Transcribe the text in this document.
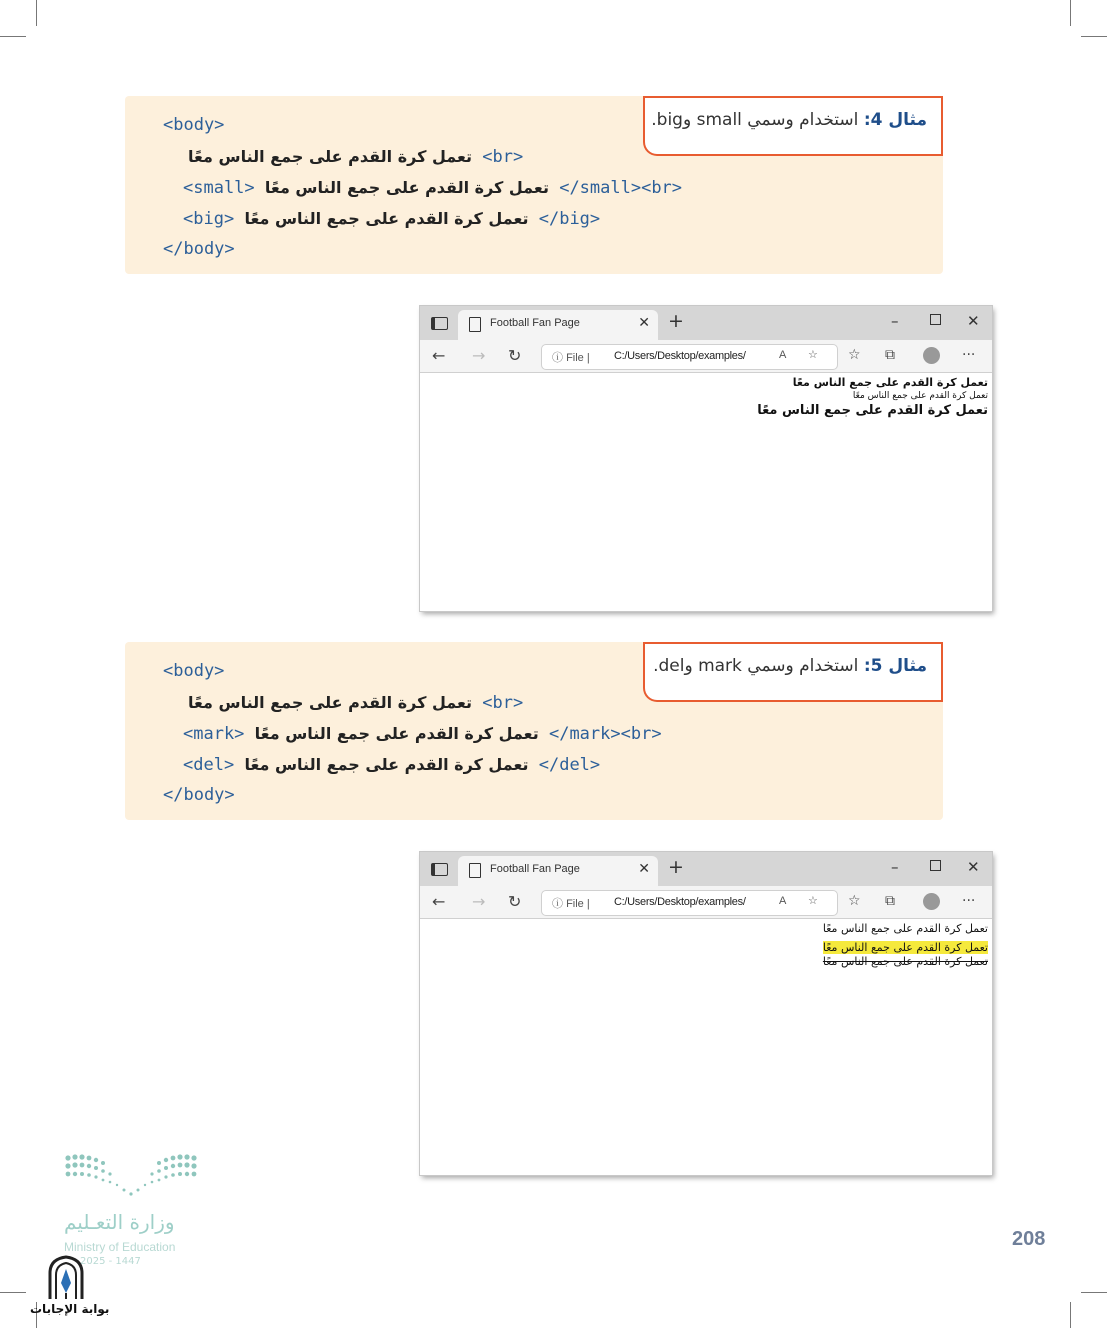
<body>
تعمل كرة القدم على جمع الناس معًا <br>
<small> تعمل كرة القدم على جمع الناس معًا </small><br>
<big> تعمل كرة القدم على جمع الناس معًا </big>
</body>
مثال 4: استخدام وسمي small وbig.
Football Fan Page	✕ +	–	✕
← → ↻	ⓘ File | C:/Users/Desktop/examples/	A ☆ ☆ ⧉	···
تعمل كرة القدم على جمع الناس معًا
تعمل كرة القدم على جمع الناس معًا
تعمل كرة القدم على جمع الناس معًا
<body>
تعمل كرة القدم على جمع الناس معًا <br>
<mark> تعمل كرة القدم على جمع الناس معًا </mark><br>
<del> تعمل كرة القدم على جمع الناس معًا </del>
</body>
مثال 5: استخدام وسمي mark وdel.
Football Fan Page	✕ +	–	✕
← → ↻	ⓘ File | C:/Users/Desktop/examples/	A ☆ ☆ ⧉	···
تعمل كرة القدم على جمع الناس معًا
تعمل كرة القدم على جمع الناس معًا
تعمل كرة القدم على جمع الناس معًا
وزارة التعـليم
Ministry of Education
2025 - 1447
بوابة الإجابات
208
